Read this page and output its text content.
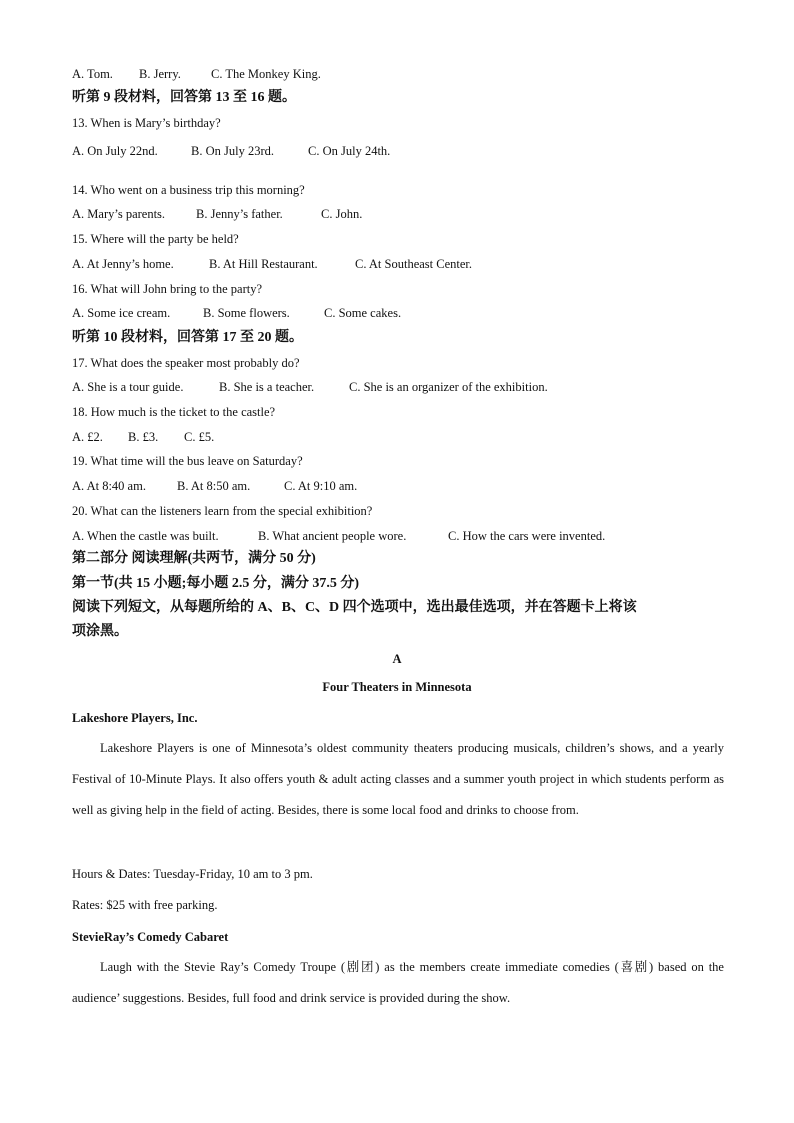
A. Tom. B. Jerry. C. The Monkey King.
听第 9 段材料，回答第 13 至 16 题。
13. When is Mary’s birthday?
A. On July 22nd.	B. On July 23rd.	C. On July 24th.
14. Who went on a business trip this morning?
A. Mary’s parents. B. Jenny’s father.	C. John.
15. Where will the party be held?
A. At Jenny’s home.	B. At Hill Restaurant.	C. At Southeast Center.
16. What will John bring to the party?
A. Some ice cream.	B. Some flowers.	C. Some cakes.
听第 10 段材料，回答第 17 至 20 题。
17. What does the speaker most probably do?
A. She is a tour guide.	B. She is a teacher.	C. She is an organizer of the exhibition.
18. How much is the ticket to the castle?
A. £2. B. £3. C. £5.
19. What time will the bus leave on Saturday?
A. At 8:40 am. B. At 8:50 am.	C. At 9:10 am.
20. What can the listeners learn from the special exhibition?
A. When the castle was built.	B. What ancient people wore.	C. How the cars were invented.
第二部分 阅读理解(共两节，满分 50 分)
第一节(共 15 小题;每小题 2.5 分，满分 37.5 分)
阅读下列短文，从每题所给的 A、B、C、D 四个选项中，选出最佳选项，并在答题卡上将该
项涂黑。
A
Four Theaters in Minnesota
Lakeshore Players, Inc.
Lakeshore Players is one of Minnesota’s oldest community theaters producing musicals, children’s shows, and a yearly Festival of 10-Minute Plays. It also offers youth & adult acting classes and a summer youth project in which students perform as well as giving help in the field of acting. Besides, there is some local food and drinks to choose from.
Hours & Dates: Tuesday-Friday, 10 am to 3 pm.
Rates: $25 with free parking.
StevieRay’s Comedy Cabaret
Laugh with the Stevie Ray’s Comedy Troupe (剧团) as the members create immediate comedies (喜剧) based on the audience’ suggestions. Besides, full food and drink service is provided during the show.
